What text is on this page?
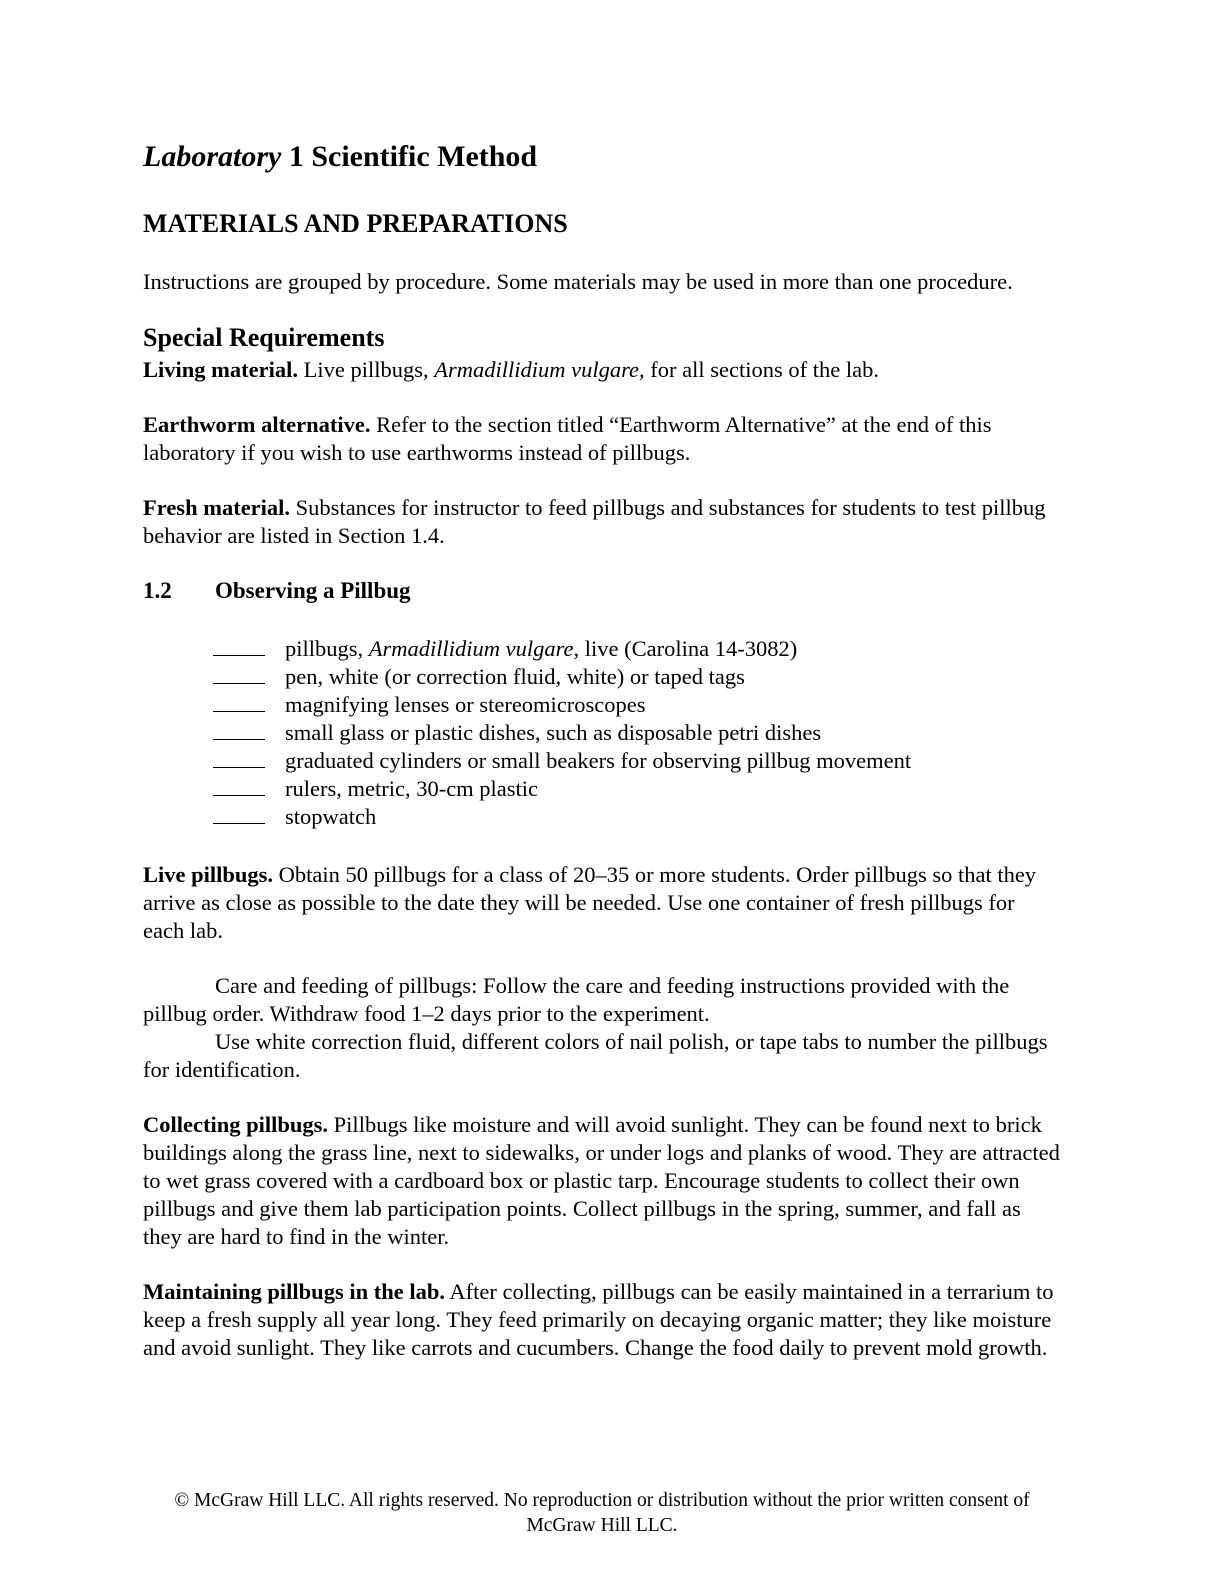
Laboratory 1 Scientific Method
MATERIALS AND PREPARATIONS

Instructions are grouped by procedure. Some materials may be used in more than one procedure.

Special Requirements

Living material. Live pillbugs, Armadillidium vulgare, for all sections of the lab.

Earthworm alternative. Refer to the section titled “Earthworm Alternative” at the end of this laboratory if you wish to use earthworms instead of pillbugs.

Fresh material. Substances for instructor to feed pillbugs and substances for students to test pillbug behavior are listed in Section 1.4.

1.2 Observing a Pillbug

pillbugs, Armadillidium vulgare, live (Carolina 14-3082)
pen, white (or correction fluid, white) or taped tags
magnifying lenses or stereomicroscopes
small glass or plastic dishes, such as disposable petri dishes
graduated cylinders or small beakers for observing pillbug movement
rulers, metric, 30-cm plastic
stopwatch

Live pillbugs. Obtain 50 pillbugs for a class of 20–35 or more students. Order pillbugs so that they arrive as close as possible to the date they will be needed. Use one container of fresh pillbugs for each lab.

Care and feeding of pillbugs: Follow the care and feeding instructions provided with the pillbug order. Withdraw food 1–2 days prior to the experiment.

Use white correction fluid, different colors of nail polish, or tape tabs to number the pillbugs for identification.

Collecting pillbugs. Pillbugs like moisture and will avoid sunlight. They can be found next to brick buildings along the grass line, next to sidewalks, or under logs and planks of wood. They are attracted to wet grass covered with a cardboard box or plastic tarp. Encourage students to collect their own pillbugs and give them lab participation points. Collect pillbugs in the spring, summer, and fall as they are hard to find in the winter.

Maintaining pillbugs in the lab. After collecting, pillbugs can be easily maintained in a terrarium to keep a fresh supply all year long. They feed primarily on decaying organic matter; they like moisture and avoid sunlight. They like carrots and cucumbers. Change the food daily to prevent mold growth.

© McGraw Hill LLC. All rights reserved. No reproduction or distribution without the prior written consent of
McGraw Hill LLC.
